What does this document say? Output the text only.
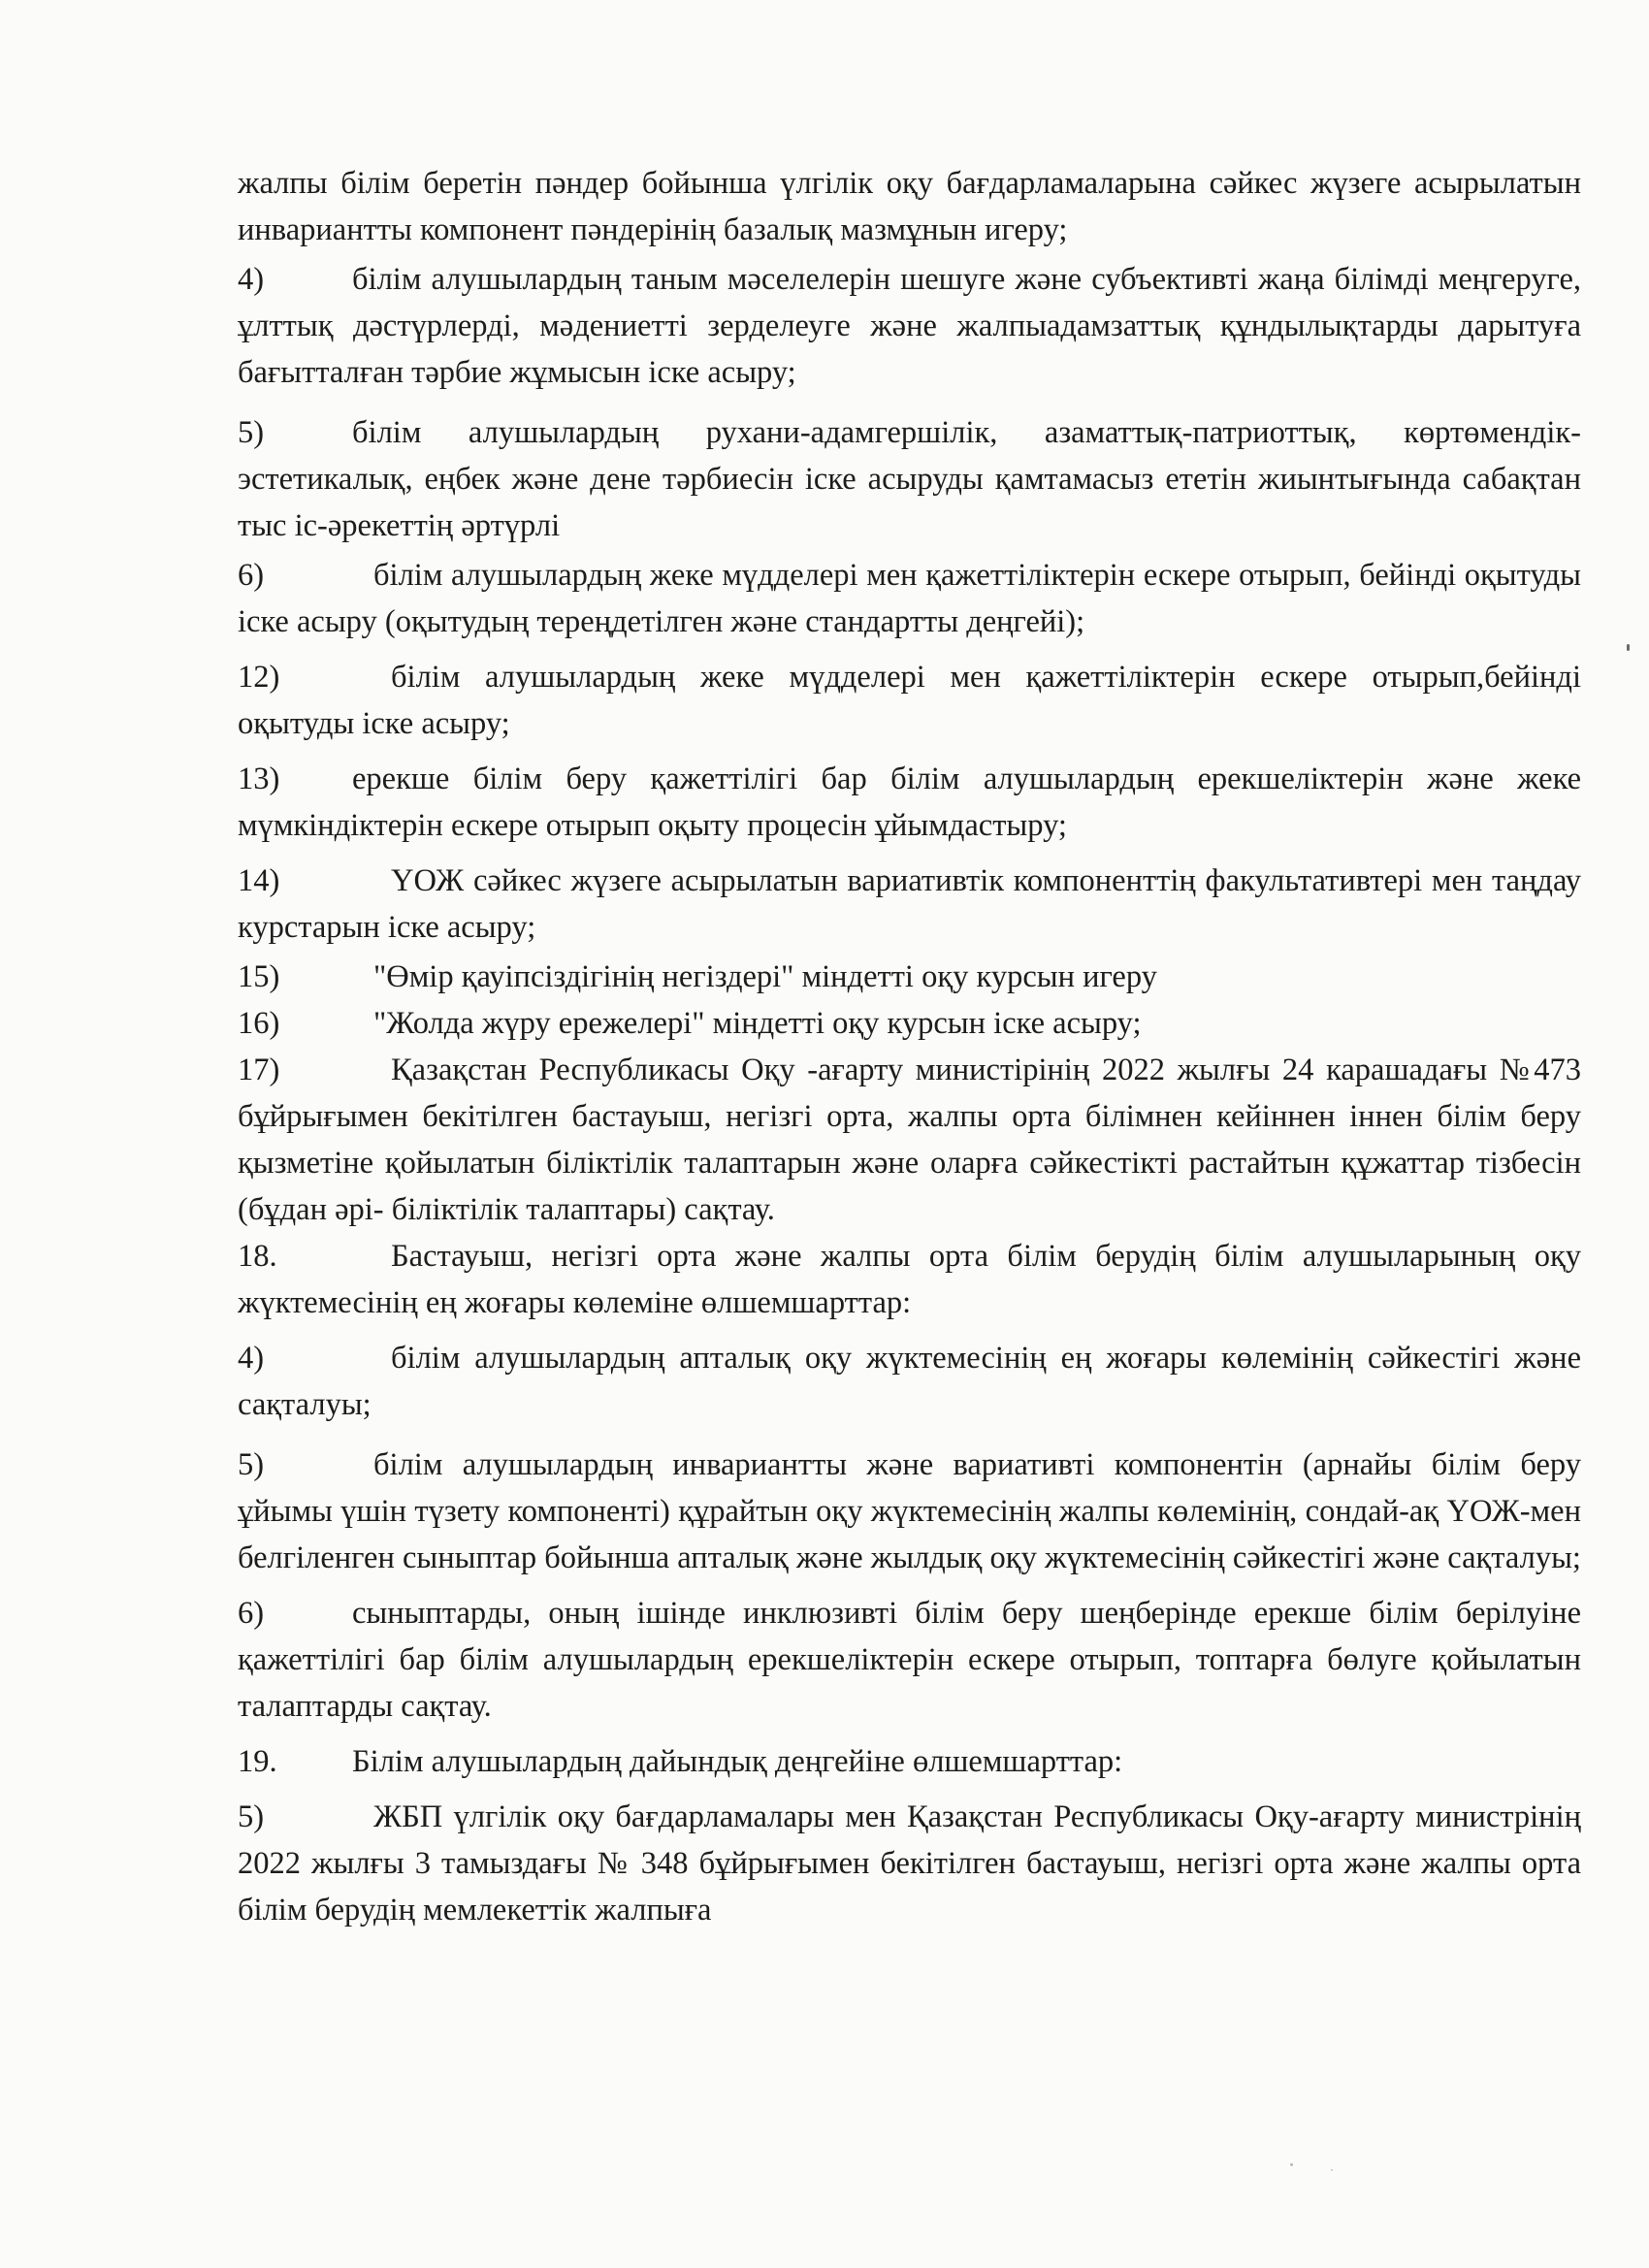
жалпы білім беретін пәндер бойынша үлгілік оқу бағдарламаларына сәйкес жүзеге асырылатын инвариантты компонент пәндерінің базалық мазмұнын игеру;

4)	білім алушылардың таным мәселелерін шешуге және субъективті жаңа білімді меңгеруге, ұлттық дәстүрлерді, мәдениетті зерделеуге және жалпыадамзаттық құндылықтарды дарытуға бағытталған тәрбие жұмысын іске асыру;

5)	білім алушылардың рухани-адамгершілік, азаматтық-патриоттық, көртөмендік-эстетикалық, еңбек және дене тәрбиесін іске асыруды қамтамасыз ететін жиынтығында сабақтан тыс іс-әрекеттің әртүрлі

6)	білім алушылардың жеке мүдделері мен қажеттіліктерін ескере отырып, бейінді оқытуды іске асыру (оқытудың тереңдетілген және стандартты деңгейі);

12)	білім алушылардың жеке мүдделері мен қажеттіліктерін ескере отырып,бейінді оқытуды іске асыру;

13) ерекше білім беру қажеттілігі бар білім алушылардың ерекшеліктерін және жеке мүмкіндіктерін ескере отырып оқыту процесін ұйымдастыру;

14)	ҮОЖ сәйкес жүзеге асырылатын вариативтік компоненттің факультативтері мен таңдау курстарын іске асыру;

15)	"Өмір қауіпсіздігінің негіздері" міндетті оқу курсын игеру

16)	"Жолда жүру ережелері" міндетті оқу курсын іске асыру;

17)	Қазақстан Республикасы Оқу -ағарту министірінің 2022 жылғы 24 карашадағы №473 бұйрығымен бекітілген бастауыш, негізгі орта, жалпы орта білімнен кейіннен іннен білім беру қызметіне қойылатын біліктілік талаптарын және оларға сәйкестікті растайтын құжаттар тізбесін (бұдан әрі- біліктілік талаптары) сақтау.

18.	Бастауыш, негізгі орта және жалпы орта білім берудің білім алушыларының оқу жүктемесінің ең жоғары көлеміне өлшемшарттар:

4)	білім алушылардың апталық оқу жүктемесінің ең жоғары көлемінің сәйкестігі және сақталуы;

5)	білім алушылардың инвариантты және вариативті компонентін (арнайы білім беру ұйымы үшін түзету компоненті) құрайтын оқу жүктемесінің жалпы көлемінің, сондай-ақ ҮОЖ-мен белгіленген сыныптар бойынша апталық және жылдық оқу жүктемесінің сәйкестігі және сақталуы;

6)	сыныптарды, оның ішінде инклюзивті білім беру шеңберінде ерекше білім берілуіне қажеттілігі бар білім алушылардың ерекшеліктерін ескере отырып, топтарға бөлуге қойылатын талаптарды сақтау.

19. Білім алушылардың дайындық деңгейіне өлшемшарттар:

5)	ЖБП үлгілік оқу бағдарламалары мен Қазақстан Республикасы Оқу-ағарту министрінің 2022 жылғы 3 тамыздағы № 348 бұйрығымен бекітілген бастауыш, негізгі орта және жалпы орта білім берудің мемлекеттік жалпыға
